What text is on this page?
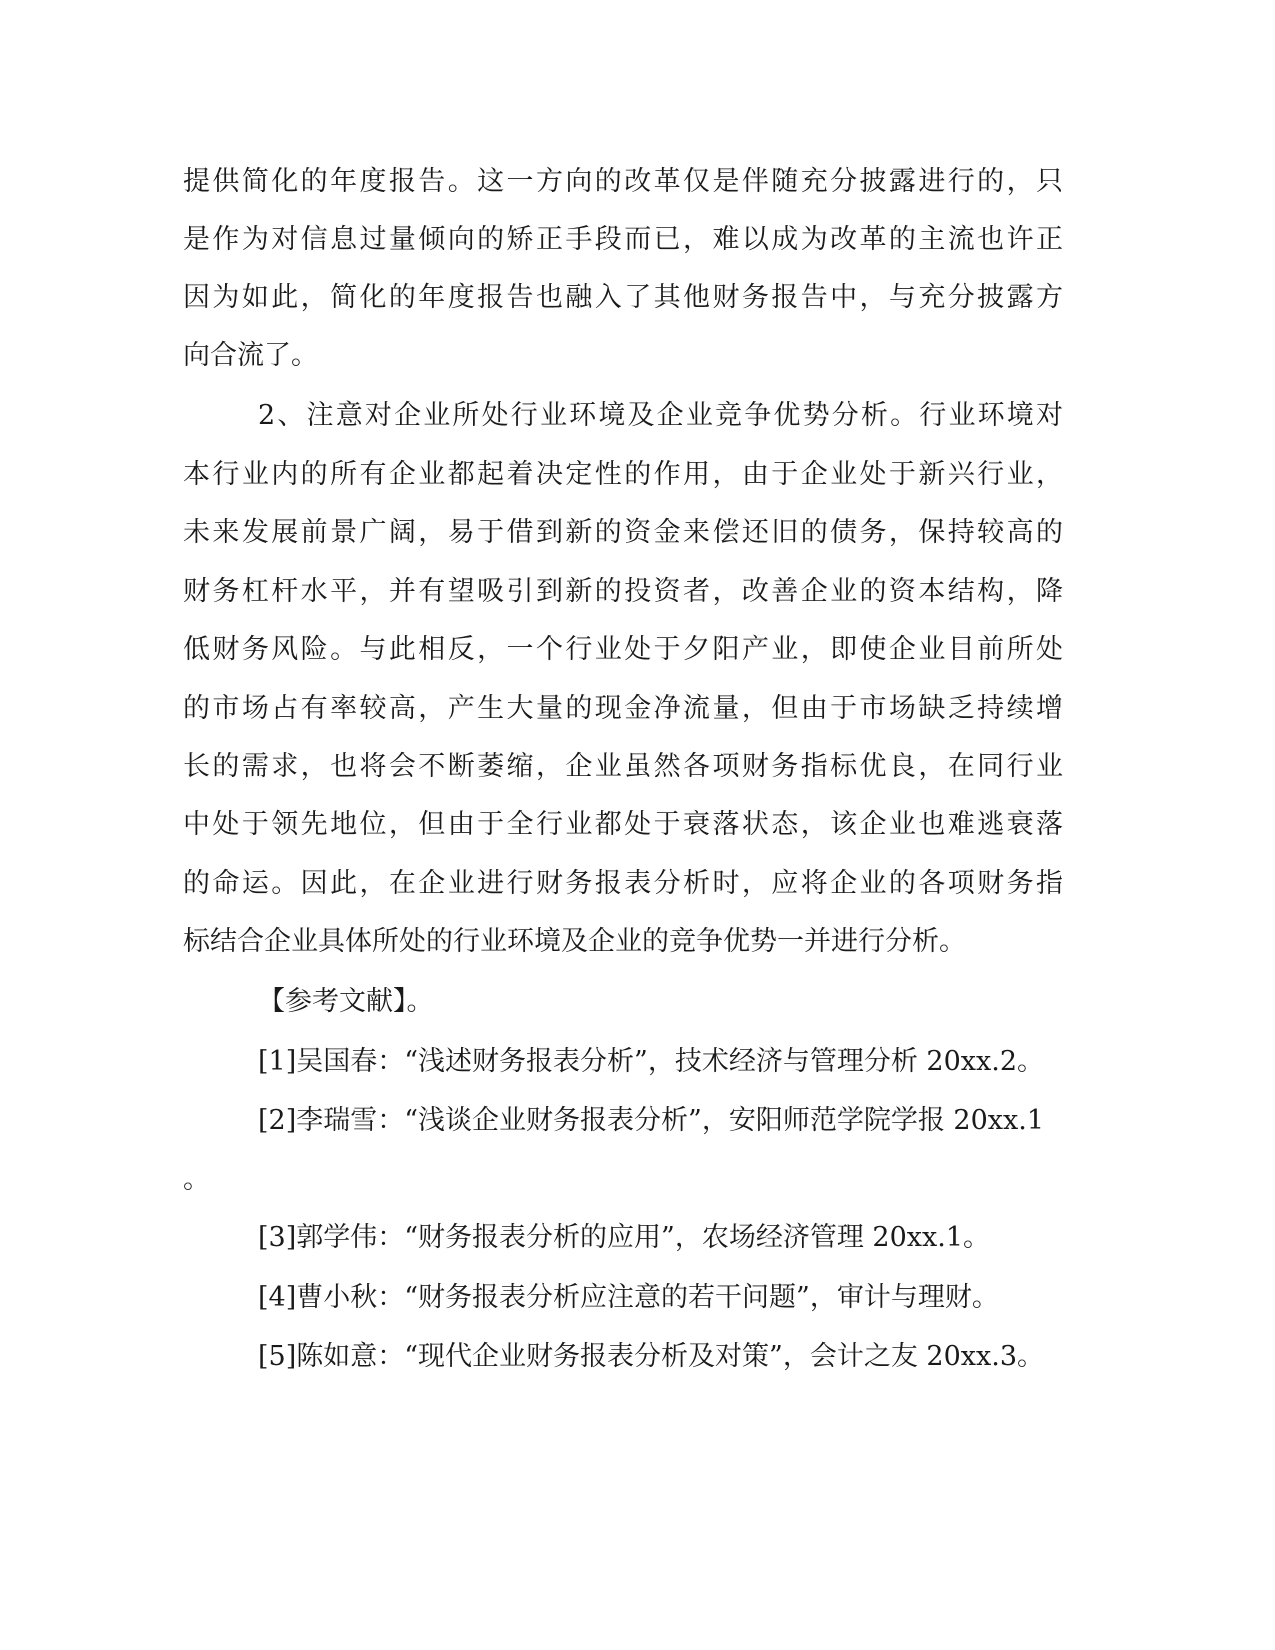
提供简化的年度报告。这一方向的改革仅是伴随充分披露进行的，只
是作为对信息过量倾向的矫正手段而已，难以成为改革的主流也许正
因为如此，简化的年度报告也融入了其他财务报告中，与充分披露方
向合流了。
2、注意对企业所处行业环境及企业竞争优势分析。行业环境对
本行业内的所有企业都起着决定性的作用，由于企业处于新兴行业，
未来发展前景广阔，易于借到新的资金来偿还旧的债务，保持较高的
财务杠杆水平，并有望吸引到新的投资者，改善企业的资本结构，降
低财务风险。与此相反，一个行业处于夕阳产业，即使企业目前所处
的市场占有率较高，产生大量的现金净流量，但由于市场缺乏持续增
长的需求，也将会不断萎缩，企业虽然各项财务指标优良，在同行业
中处于领先地位，但由于全行业都处于衰落状态，该企业也难逃衰落
的命运。因此，在企业进行财务报表分析时，应将企业的各项财务指
标结合企业具体所处的行业环境及企业的竞争优势一并进行分析。
【参考文献】。
[1]吴国春：“浅述财务报表分析”，技术经济与管理分析 20xx.2。
[2]李瑞雪：“浅谈企业财务报表分析”，安阳师范学院学报 20xx.1
。
[3]郭学伟：“财务报表分析的应用”，农场经济管理 20xx.1。
[4]曹小秋：“财务报表分析应注意的若干问题”，审计与理财。
[5]陈如意：“现代企业财务报表分析及对策”，会计之友 20xx.3。
